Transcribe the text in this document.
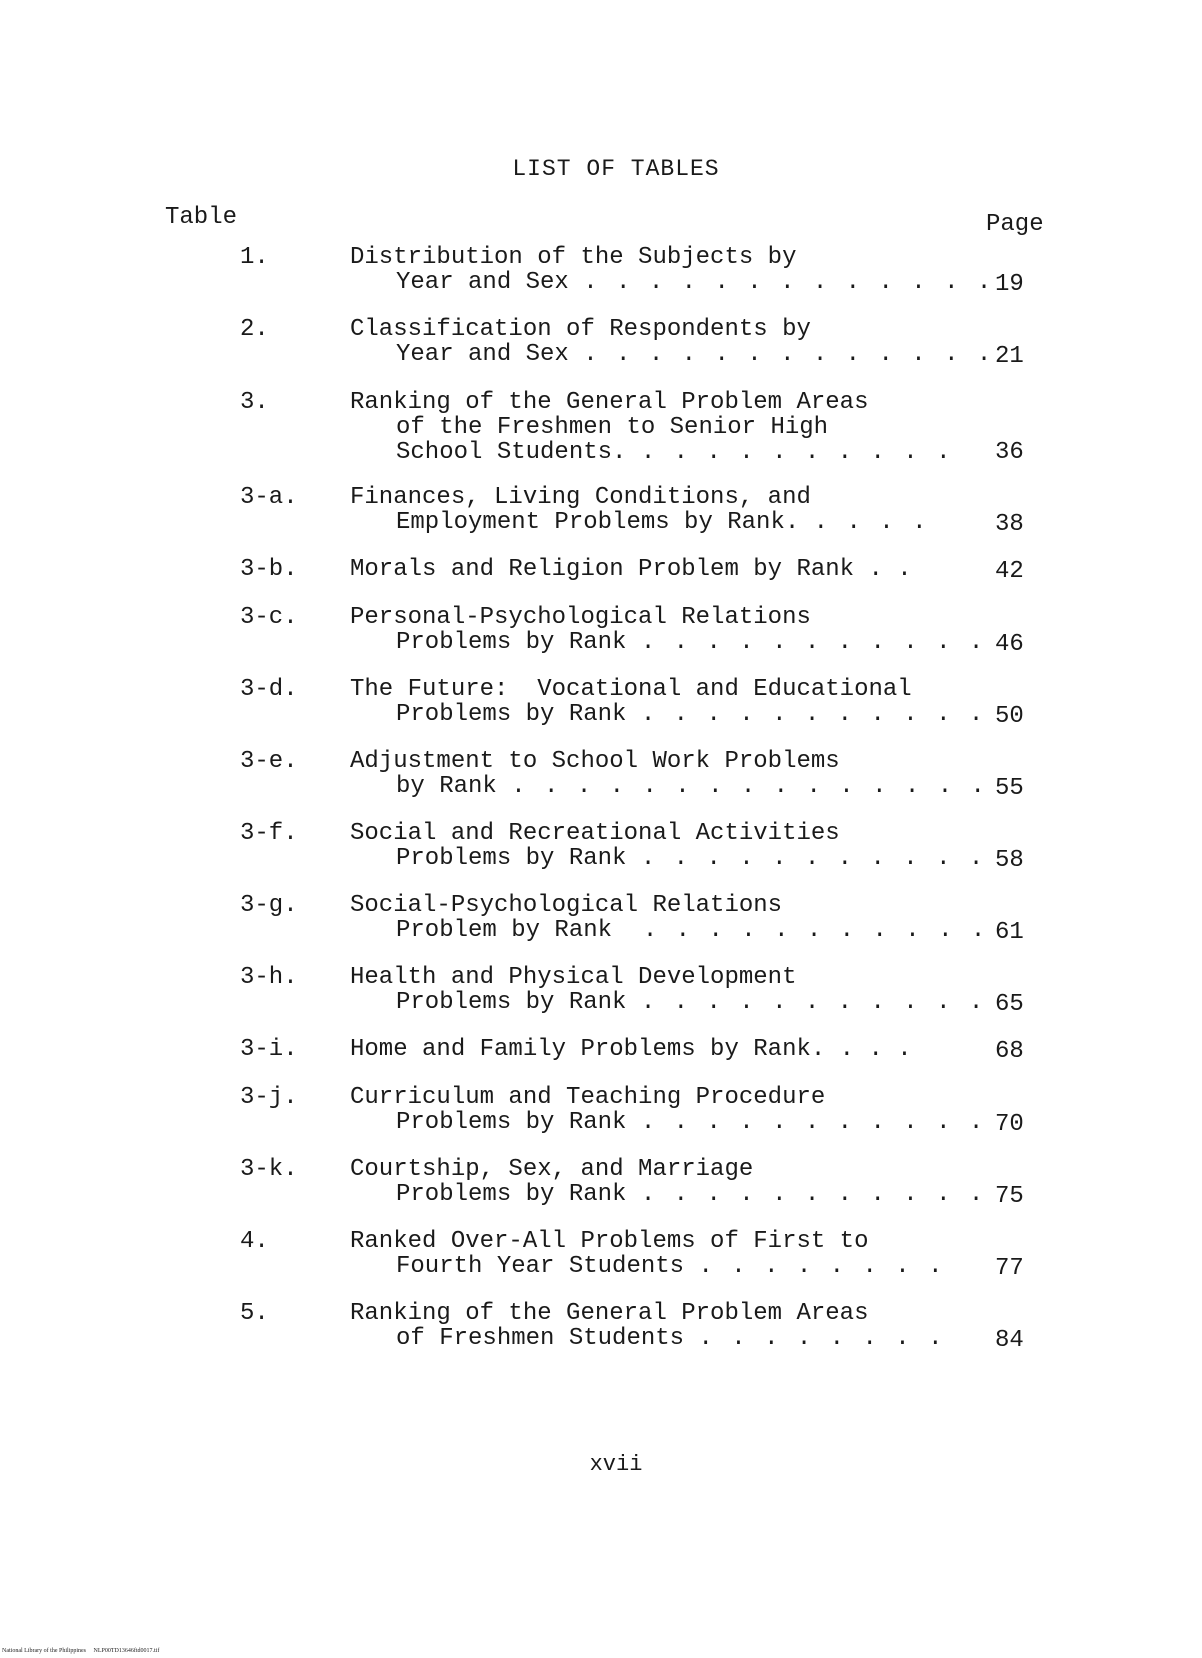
LIST OF TABLES
Table	Page
1.	Distribution of the Subjects by
Year and Sex . . . . . . . . . . . . . 19
2.	Classification of Respondents by
Year and Sex . . . . . . . . . . . . . 21
3.	Ranking of the General Problem Areas
of the Freshmen to Senior High
School Students. . . . . . . . . . . 36
3-a. Finances, Living Conditions, and
Employment Problems by Rank. . . . .	38
3-b. Morals and Religion Problem by Rank . .	42
3-c. Personal-Psychological Relations
Problems by Rank . . . . . . . . . . . 46
3-d. The Future:  Vocational and Educational
Problems by Rank . . . . . . . . . . . 50
3-e. Adjustment to School Work Problems
by Rank . . . . . . . . . . . . . . . 55
3-f. Social and Recreational Activities
Problems by Rank . . . . . . . . . . . 58
3-g. Social-Psychological Relations
Problem by Rank  . . . . . . . . . . . 61
3-h. Health and Physical Development
Problems by Rank . . . . . . . . . . . 65
3-i. Home and Family Problems by Rank. . . .	68
3-j. Curriculum and Teaching Procedure
Problems by Rank . . . . . . . . . . . 70
3-k. Courtship, Sex, and Marriage
Problems by Rank . . . . . . . . . . . 75
4.	Ranked Over-All Problems of First to
Fourth Year Students . . . . . . . . 77
5.	Ranking of the General Problem Areas
of Freshmen Students . . . . . . . . 84
xvii
National Library of the Philippines     NLP00TD13646ftd0017.tif
